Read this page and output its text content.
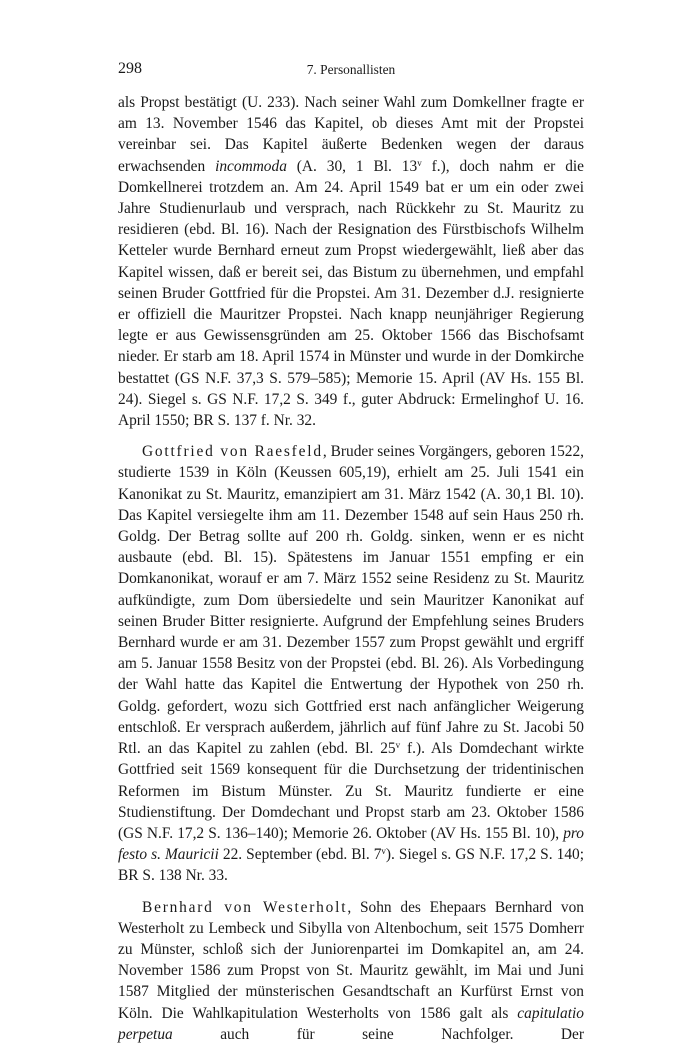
298	7. Personallisten

als Propst bestätigt (U. 233). Nach seiner Wahl zum Domkellner fragte er am 13. November 1546 das Kapitel, ob dieses Amt mit der Propstei vereinbar sei. Das Kapitel äußerte Bedenken wegen der daraus erwachsenden incommoda (A. 30, 1 Bl. 13$^v$ f.), doch nahm er die Domkellnerei trotzdem an. Am 24. April 1549 bat er um ein oder zwei Jahre Studienurlaub und versprach, nach Rückkehr zu St. Mauritz zu residieren (ebd. Bl. 16). Nach der Resignation des Fürstbischofs Wilhelm Ketteler wurde Bernhard erneut zum Propst wiedergewählt, ließ aber das Kapitel wissen, daß er bereit sei, das Bistum zu übernehmen, und empfahl seinen Bruder Gottfried für die Propstei. Am 31. Dezember d.J. resignierte er offiziell die Mauritzer Propstei. Nach knapp neunjähriger Regierung legte er aus Gewissensgründen am 25. Oktober 1566 das Bischofsamt nieder. Er starb am 18. April 1574 in Münster und wurde in der Domkirche bestattet (GS N.F. 37,3 S. 579–585); Memorie 15. April (AV Hs. 155 Bl. 24). Siegel s. GS N.F. 17,2 S. 349 f., guter Abdruck: Ermelinghof U. 16. April 1550; BR S. 137 f. Nr. 32.

Gottfried von Raesfeld, Bruder seines Vorgängers, geboren 1522, studierte 1539 in Köln (Keussen 605,19), erhielt am 25. Juli 1541 ein Kanonikat zu St. Mauritz, emanzipiert am 31. März 1542 (A. 30,1 Bl. 10). Das Kapitel versiegelte ihm am 11. Dezember 1548 auf sein Haus 250 rh. Goldg. Der Betrag sollte auf 200 rh. Goldg. sinken, wenn er es nicht ausbaute (ebd. Bl. 15). Spätestens im Januar 1551 empfing er ein Domkanonikat, worauf er am 7. März 1552 seine Residenz zu St. Mauritz aufkündigte, zum Dom übersiedelte und sein Mauritzer Kanonikat auf seinen Bruder Bitter resignierte. Aufgrund der Empfehlung seines Bruders Bernhard wurde er am 31. Dezember 1557 zum Propst gewählt und ergriff am 5. Januar 1558 Besitz von der Propstei (ebd. Bl. 26). Als Vorbedingung der Wahl hatte das Kapitel die Entwertung der Hypothek von 250 rh. Goldg. gefordert, wozu sich Gottfried erst nach anfänglicher Weigerung entschloß. Er versprach außerdem, jährlich auf fünf Jahre zu St. Jacobi 50 Rtl. an das Kapitel zu zahlen (ebd. Bl. 25$^v$ f.). Als Domdechant wirkte Gottfried seit 1569 konsequent für die Durchsetzung der tridentinischen Reformen im Bistum Münster. Zu St. Mauritz fundierte er eine Studienstiftung. Der Domdechant und Propst starb am 23. Oktober 1586 (GS N.F. 17,2 S. 136–140); Memorie 26. Oktober (AV Hs. 155 Bl. 10), pro festo s. Mauricii 22. September (ebd. Bl. 7$^v$). Siegel s. GS N.F. 17,2 S. 140; BR S. 138 Nr. 33.

Bernhard von Westerholt, Sohn des Ehepaars Bernhard von Westerholt zu Lembeck und Sibylla von Altenbochum, seit 1575 Domherr zu Münster, schloß sich der Juniorenpartei im Domkapitel an, am 24. November 1586 zum Propst von St. Mauritz gewählt, im Mai und Juni 1587 Mitglied der münsterischen Gesandtschaft an Kurfürst Ernst von Köln. Die Wahlkapitulation Westerholts von 1586 galt als capitulatio perpetua auch für seine Nachfolger. Der
